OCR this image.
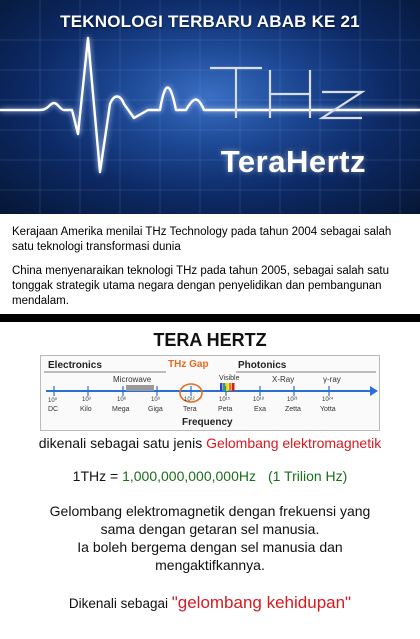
TEKNOLOGI TERBARU ABAB KE 21
TeraHertz

Kerajaan Amerika menilai THz Technology pada tahun 2004 sebagai salah satu teknologi transformasi dunia

China menyenaraikan teknologi THz pada tahun 2005, sebagai salah satu tonggak strategik utama negara dengan penyelidikan dan pembangunan mendalam.

TERA HERTZ
Electronics	THz Gap	Photonics
Microwave	Visible	X-Ray	γ-ray
10⁰	10³	10⁶	10⁹	10¹²	10¹⁵	10¹⁸	10²¹	10²⁴
DC	Kilo	Mega	Giga	Tera	Peta	Exa	Zetta	Yotta
Frequency
dikenali sebagai satu jenis Gelombang elektromagnetik
1THz = 1,000,000,000,000Hz (1 Trilion Hz)
Gelombang elektromagnetik dengan frekuensi yang
sama dengan getaran sel manusia.
Ia boleh bergema dengan sel manusia dan
mengaktifkannya.
Dikenali sebagai "gelombang kehidupan"
